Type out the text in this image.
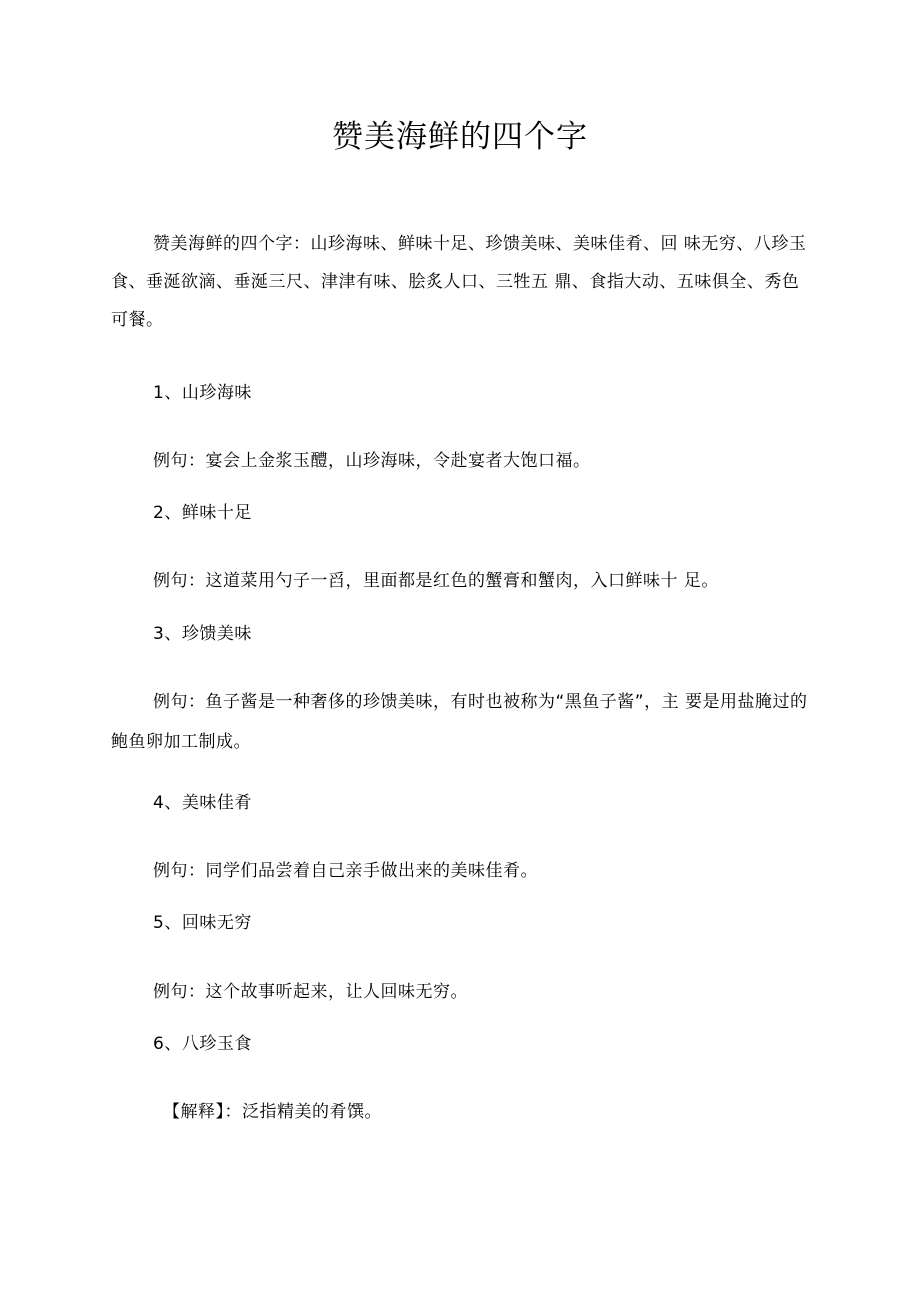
赞美海鲜的四个字

赞美海鲜的四个字：山珍海味、鲜味十足、珍馈美味、美味佳肴、回 味无穷、八珍玉食、垂涎欲滴、垂涎三尺、津津有味、脍炙人口、三牲五 鼎、食指大动、五味俱全、秀色可餐。

1、山珍海味

例句：宴会上金浆玉醴，山珍海味，令赴宴者大饱口福。

2、鲜味十足

例句：这道菜用勺子一舀，里面都是红色的蟹膏和蟹肉，入口鲜味十 足。

3、珍馈美味

例句：鱼子酱是一种奢侈的珍馈美味，有时也被称为“黑鱼子酱”，主 要是用盐腌过的鲍鱼卵加工制成。

4、美味佳肴

例句：同学们品尝着自己亲手做出来的美味佳肴。

5、回味无穷

例句：这个故事听起来，让人回味无穷。

6、八珍玉食

【解释】：泛指精美的肴馔。
